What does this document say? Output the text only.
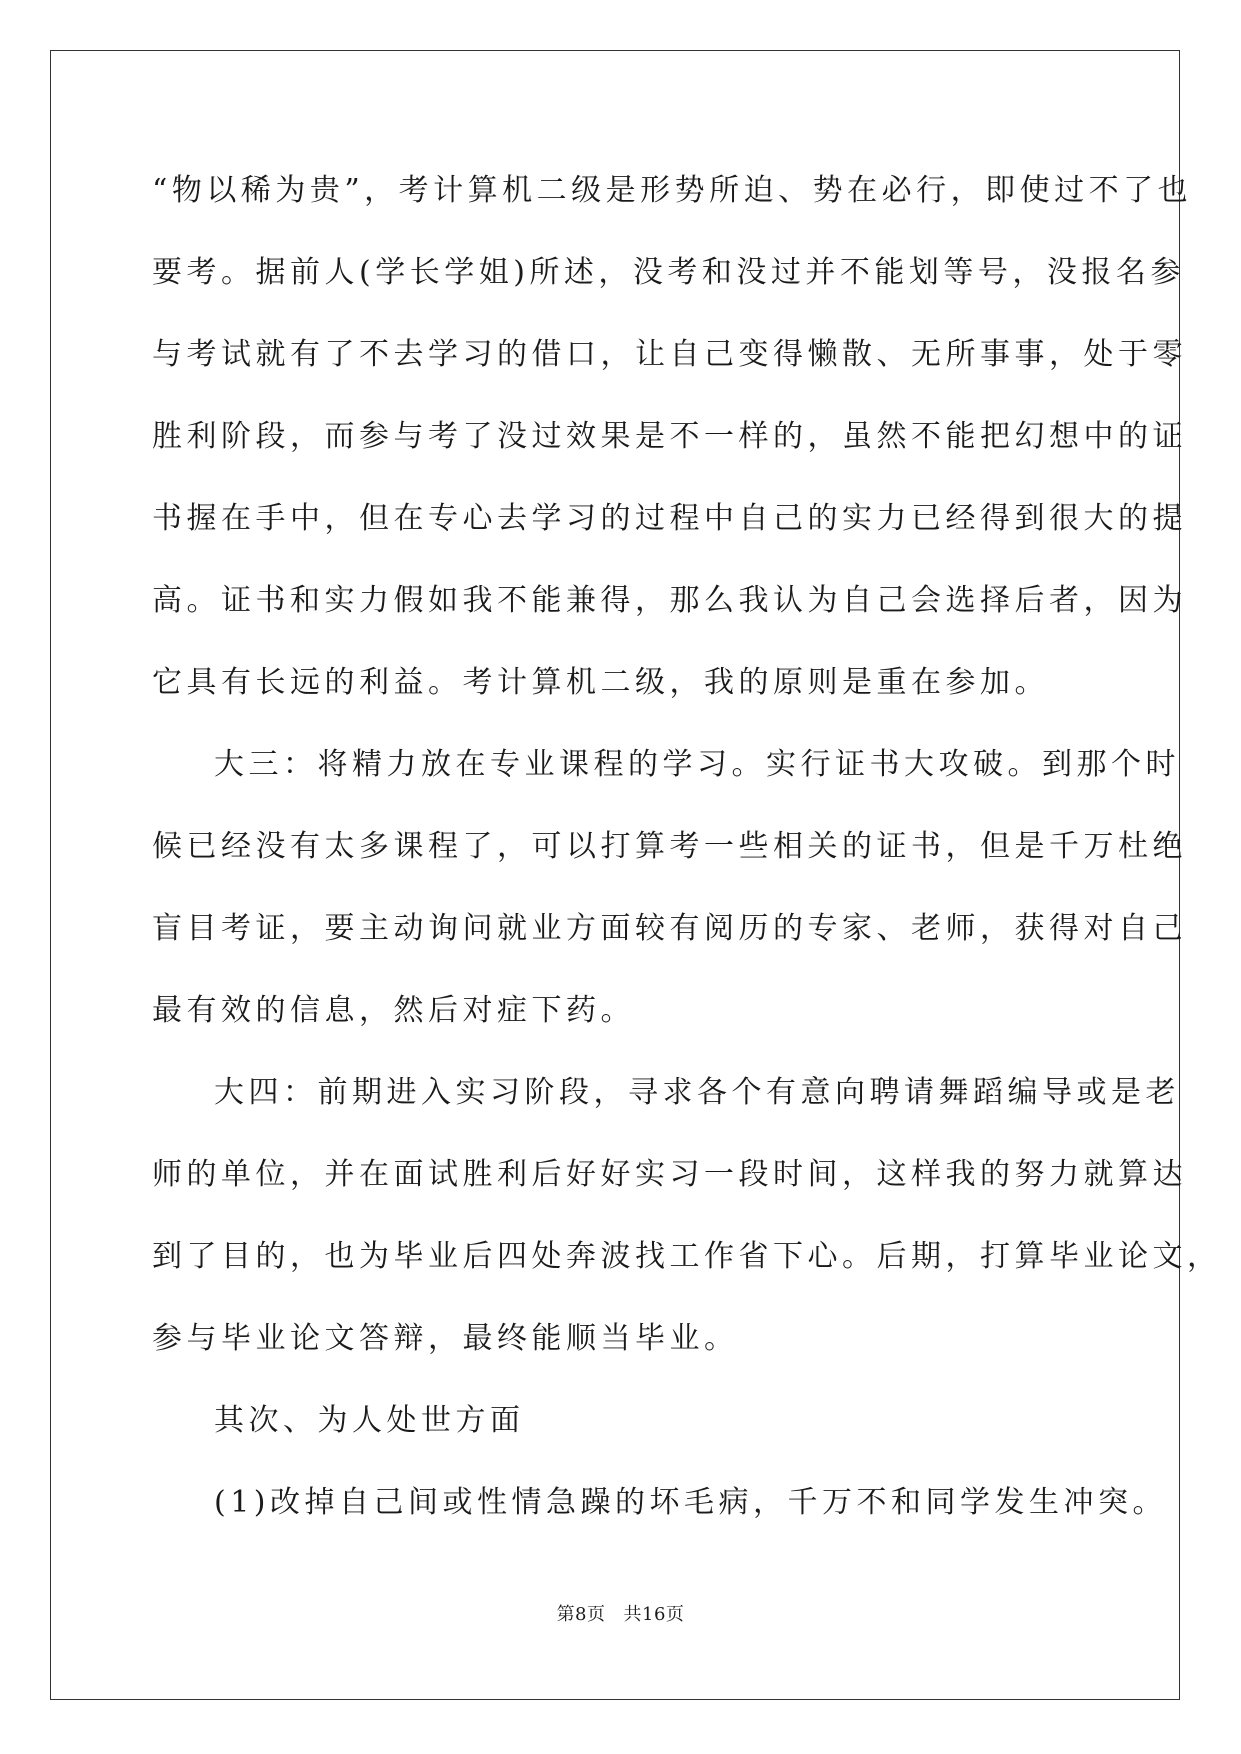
“物以稀为贵”，考计算机二级是形势所迫、势在必行，即使过不了也
要考。据前人(学长学姐)所述，没考和没过并不能划等号，没报名参
与考试就有了不去学习的借口，让自己变得懒散、无所事事，处于零
胜利阶段，而参与考了没过效果是不一样的，虽然不能把幻想中的证
书握在手中，但在专心去学习的过程中自己的实力已经得到很大的提
高。证书和实力假如我不能兼得，那么我认为自己会选择后者，因为
它具有长远的利益。考计算机二级，我的原则是重在参加。
大三：将精力放在专业课程的学习。实行证书大攻破。到那个时
候已经没有太多课程了，可以打算考一些相关的证书，但是千万杜绝
盲目考证，要主动询问就业方面较有阅历的专家、老师，获得对自己
最有效的信息，然后对症下药。
大四：前期进入实习阶段，寻求各个有意向聘请舞蹈编导或是老
师的单位，并在面试胜利后好好实习一段时间，这样我的努力就算达
到了目的，也为毕业后四处奔波找工作省下心。后期，打算毕业论文，
参与毕业论文答辩，最终能顺当毕业。
其次、为人处世方面
(1)改掉自己间或性情急躁的坏毛病，千万不和同学发生冲突。
第8页 共16页
